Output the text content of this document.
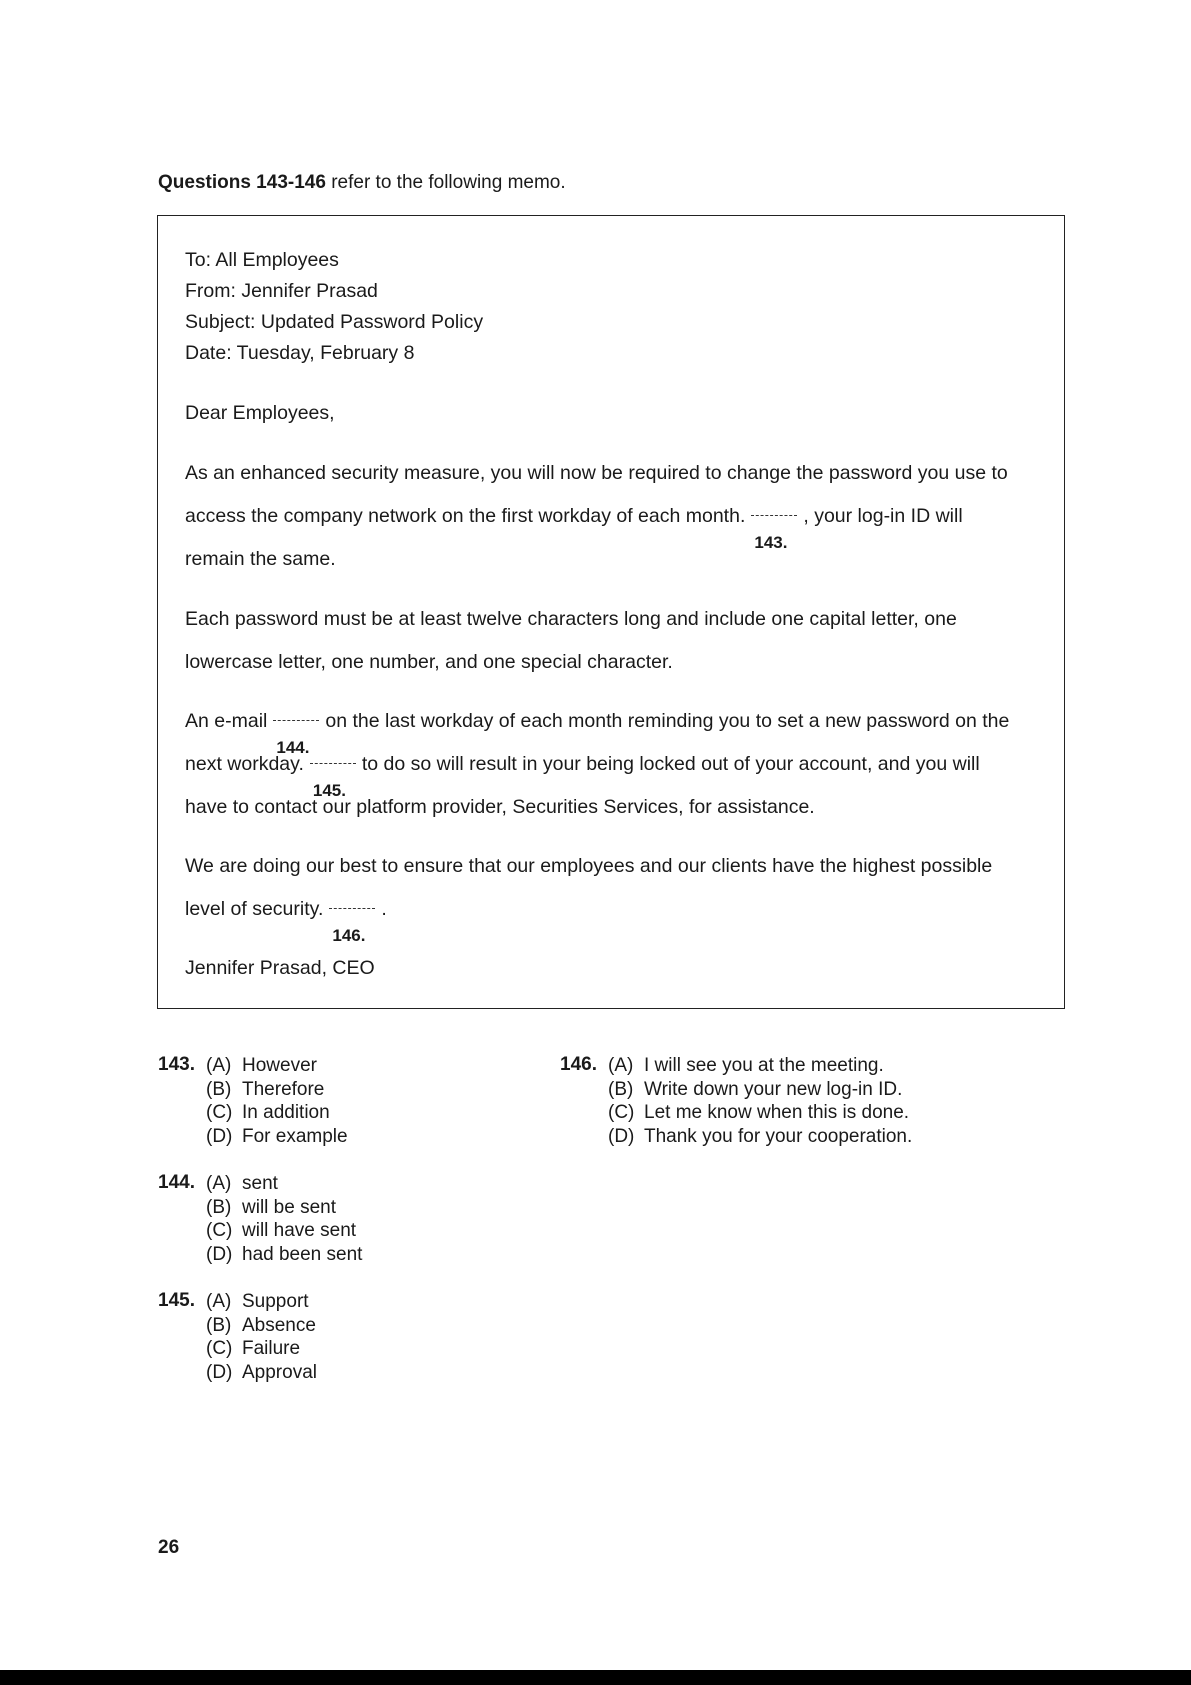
Questions 143-146 refer to the following memo.
To: All Employees
From: Jennifer Prasad
Subject: Updated Password Policy
Date: Tuesday, February 8
Dear Employees,
As an enhanced security measure, you will now be required to change the password you use to
access the company network on the first workday of each month.
143.
, your log-in ID will
remain the same.
Each password must be at least twelve characters long and include one capital letter, one
lowercase letter, one number, and one special character.
An e-mail
144.
on the last workday of each month reminding you to set a new password on the
next workday.
145.
to do so will result in your being locked out of your account, and you will
have to contact our platform provider, Securities Services, for assistance.
We are doing our best to ensure that our employees and our clients have the highest possible
level of security.
146.
.
Jennifer Prasad, CEO
143. (A) However
(B) Therefore
(C) In addition
(D) For example
144. (A) sent
(B) will be sent
(C) will have sent
(D) had been sent
145. (A) Support
(B) Absence
(C) Failure
(D) Approval
146. (A) I will see you at the meeting.
(B) Write down your new log-in ID.
(C) Let me know when this is done.
(D) Thank you for your cooperation.
26
